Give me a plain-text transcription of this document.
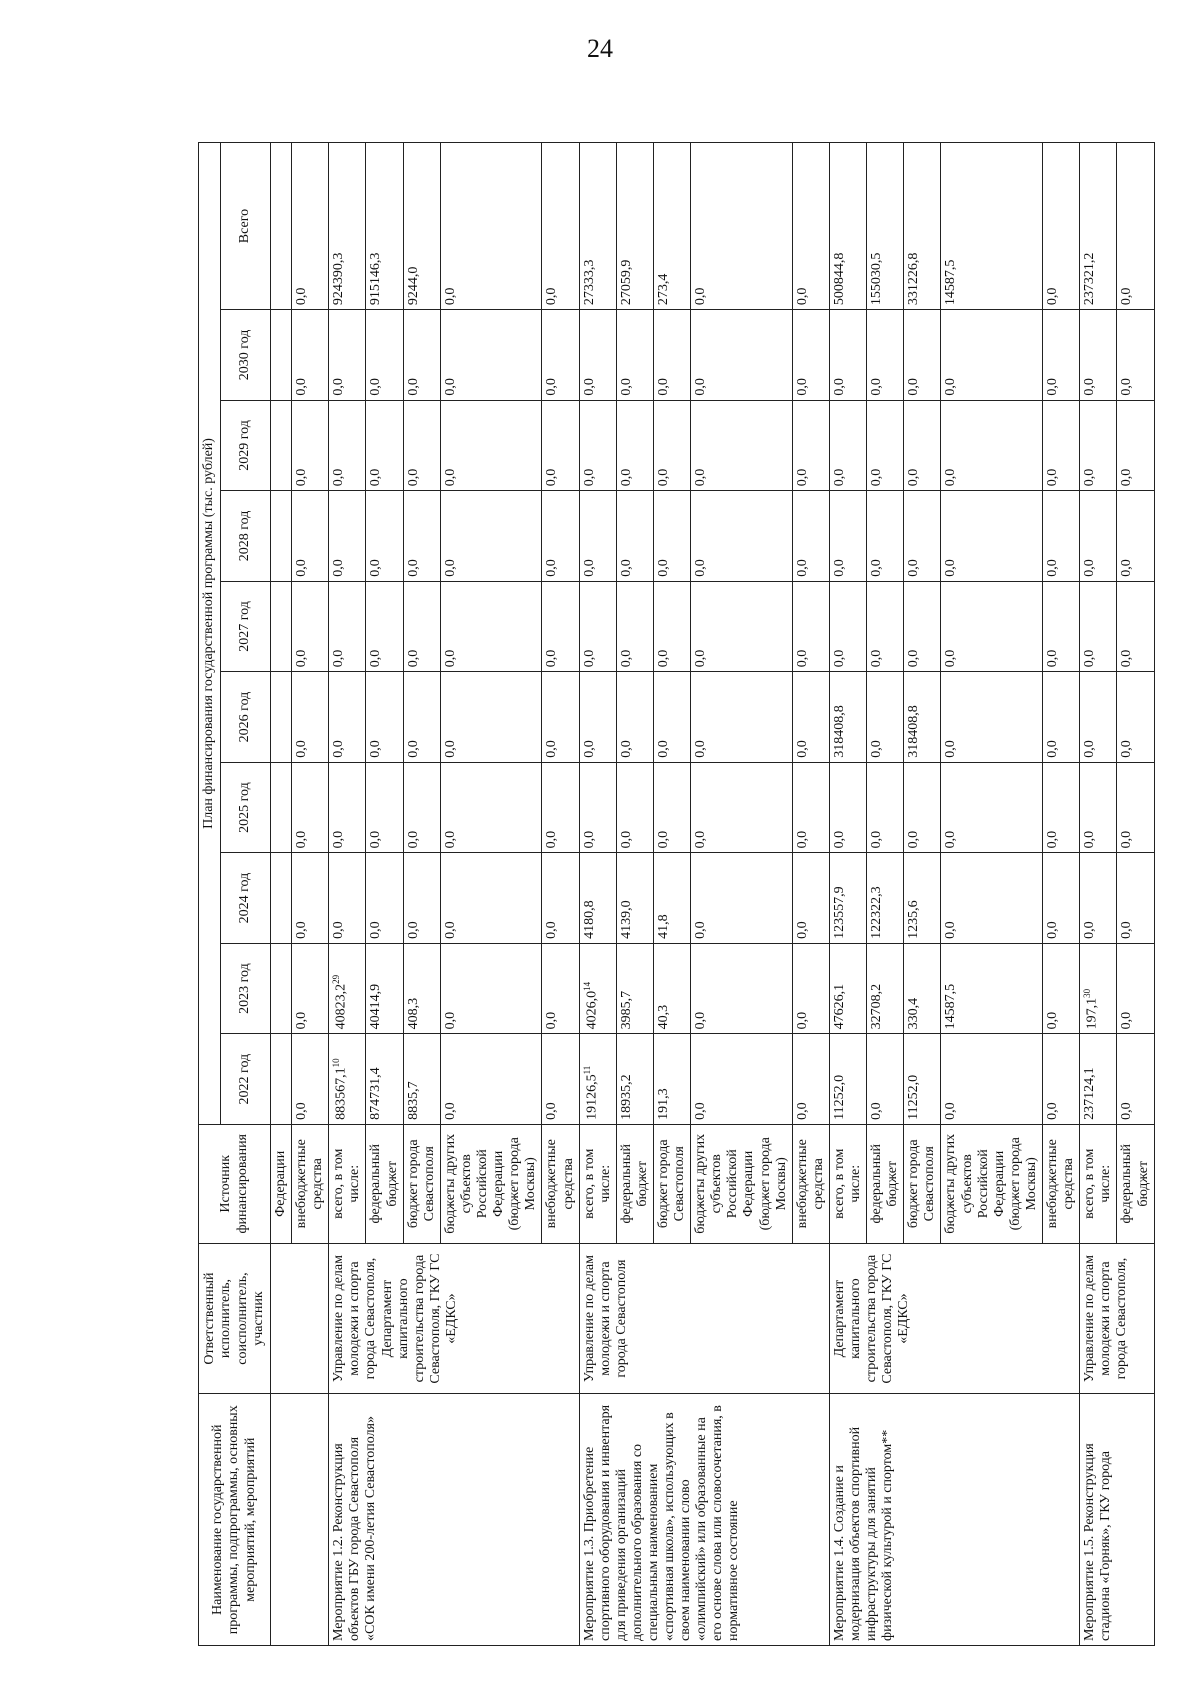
24
Наименование государственной программы, подпрограммы, основных мероприятий, мероприятий	Ответственный исполнитель, соисполнитель, участник	Источник финансирования	План финансирования государственной программы (тыс. рублей)									
			2022 год	2023 год	2024 год	2025 год	2026 год	2027 год	2028 год	2029 год	2030 год	Всего
		Федерации										
		внебюджетные средства	0,0	0,0	0,0	0,0	0,0	0,0	0,0	0,0	0,0	0,0
Мероприятие 1.2. Реконструкция объектов ГБУ города Севастополя «СОК имени 200-летия Севастополя»	Управление по делам молодежи и спорта города Севастополя, Департамент капитального строительства города Севастополя, ГКУ ГС «ЕДКС»	всего, в том числе:	883567,1$^{10}$	40823,2$^{29}$	0,0	0,0	0,0	0,0	0,0	0,0	0,0	924390,3
		федеральный бюджет	874731,4	40414,9	0,0	0,0	0,0	0,0	0,0	0,0	0,0	915146,3
		бюджет города Севастополя	8835,7	408,3	0,0	0,0	0,0	0,0	0,0	0,0	0,0	9244,0
		бюджеты других субъектов Российской Федерации (бюджет города Москвы)	0,0	0,0	0,0	0,0	0,0	0,0	0,0	0,0	0,0	0,0
		внебюджетные средства	0,0	0,0	0,0	0,0	0,0	0,0	0,0	0,0	0,0	0,0
Мероприятие 1.3. Приобретение спортивного оборудования и инвентаря для приведения организаций дополнительного образования со специальным наименованием «спортивная школа», использующих в своем наименовании слово «олимпийский» или образованные на его основе слова или словосочетания, в нормативное состояние	Управление по делам молодежи и спорта города Севастополя	всего, в том числе:	19126,5$^{11}$	4026,0$^{14}$	4180,8	0,0	0,0	0,0	0,0	0,0	0,0	27333,3
		федеральный бюджет	18935,2	3985,7	4139,0	0,0	0,0	0,0	0,0	0,0	0,0	27059,9
		бюджет города Севастополя	191,3	40,3	41,8	0,0	0,0	0,0	0,0	0,0	0,0	273,4
		бюджеты других субъектов Российской Федерации (бюджет города Москвы)	0,0	0,0	0,0	0,0	0,0	0,0	0,0	0,0	0,0	0,0
		внебюджетные средства	0,0	0,0	0,0	0,0	0,0	0,0	0,0	0,0	0,0	0,0
Мероприятие 1.4. Создание и модернизация объектов спортивной инфраструктуры для занятий физической культурой и спортом**	Департамент капитального строительства города Севастополя, ГКУ ГС «ЕДКС»	всего, в том числе:	11252,0	47626,1	123557,9	0,0	318408,8	0,0	0,0	0,0	0,0	500844,8
		федеральный бюджет	0,0	32708,2	122322,3	0,0	0,0	0,0	0,0	0,0	0,0	155030,5
		бюджет города Севастополя	11252,0	330,4	1235,6	0,0	318408,8	0,0	0,0	0,0	0,0	331226,8
		бюджеты других субъектов Российской Федерации (бюджет города Москвы)	0,0	14587,5	0,0	0,0	0,0	0,0	0,0	0,0	0,0	14587,5
		внебюджетные средства	0,0	0,0	0,0	0,0	0,0	0,0	0,0	0,0	0,0	0,0
Мероприятие 1.5. Реконструкция стадиона «Горняк», ГКУ города	Управление по делам молодежи и спорта города Севастополя,	всего, в том числе:	237124,1	197,1$^{30}$	0,0	0,0	0,0	0,0	0,0	0,0	0,0	237321,2
		федеральный бюджет	0,0	0,0	0,0	0,0	0,0	0,0	0,0	0,0	0,0	0,0
